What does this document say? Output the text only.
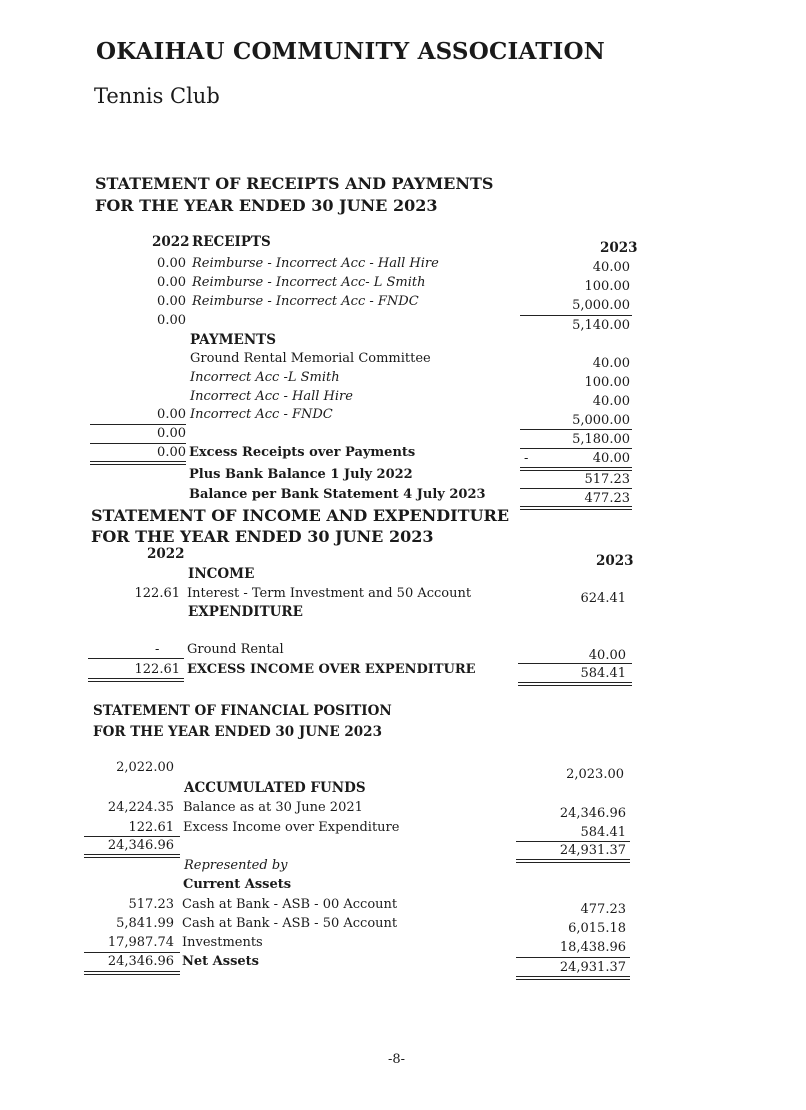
OKAIHAU COMMUNITY ASSOCIATION
Tennis Club
STATEMENT OF RECEIPTS AND PAYMENTS
FOR THE YEAR ENDED 30 JUNE 2023
2022 RECEIPTS	2023
0.00 Reimburse - Incorrect Acc - Hall Hire	40.00
0.00 Reimburse - Incorrect Acc- L Smith	100.00
0.00 Reimburse - Incorrect Acc - FNDC	5,000.00
0.00	5,140.00
PAYMENTS
Ground Rental Memorial Committee	40.00
Incorrect Acc -L Smith	100.00
Incorrect Acc - Hall Hire	40.00
0.00 Incorrect Acc - FNDC	5,000.00
0.00	5,180.00
0.00 Excess Receipts over Payments	-	40.00
Plus Bank Balance 1 July 2022	517.23
Balance per Bank Statement 4 July 2023	477.23
STATEMENT OF INCOME AND EXPENDITURE
FOR THE YEAR ENDED 30 JUNE 2023
2022	2023
INCOME
122.61 Interest - Term Investment and 50 Account	624.41
EXPENDITURE
- Ground Rental	40.00
122.61 EXCESS INCOME OVER EXPENDITURE	584.41
STATEMENT OF FINANCIAL POSITION
FOR THE YEAR ENDED 30 JUNE 2023
2,022.00	2,023.00
ACCUMULATED FUNDS
24,224.35 Balance as at 30 June 2021	24,346.96
122.61 Excess Income over Expenditure	584.41
24,346.96	24,931.37
Represented by
Current Assets
517.23 Cash at Bank - ASB - 00 Account	477.23
5,841.99 Cash at Bank - ASB - 50 Account	6,015.18
17,987.74 Investments	18,438.96
24,346.96 Net Assets	24,931.37
-8-
